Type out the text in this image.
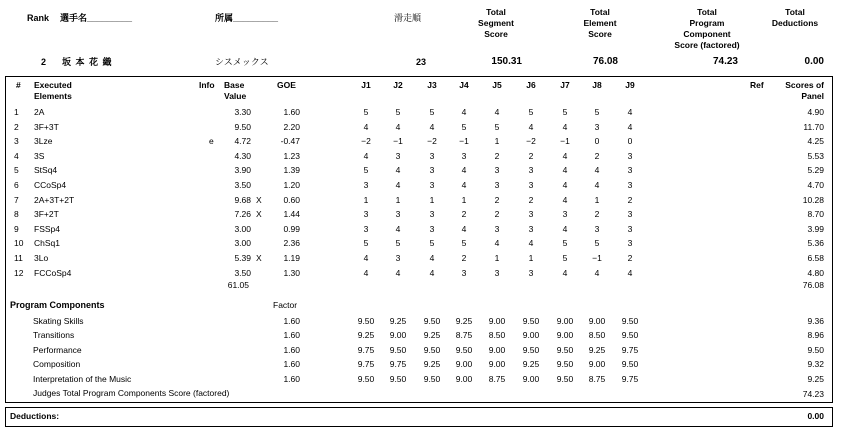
Rank 選手名_________	所属_________	滑走順
Total
Segment
Score
Total
Element
Score
Total
Program
Component
Score (factored)
Total
Deductions
2 坂 本 花 織	シスメックス	23	150.31	76.08	74.23	0.00
# Executed
Elements
Info Base
Value
GOE	J1	J2	J3	J4	J5	J6	J7	J8	J9	Ref	Scores of
Panel
1 2A	3.30	1.60	5	5	5	4	4	5	5	5	4	4.90
2 3F+3T	9.50	2.20	4	4	4	5	5	4	4	3	4	11.70
3 3Lze	e	4.72	-0.47	−2	−1	−2	−1	1	−2	−1	0	0	4.25
4 3S	4.30	1.23	4	3	3	3	2	2	4	2	3	5.53
5 StSq4	3.90	1.39	5	4	3	4	3	3	4	4	3	5.29
6 CCoSp4	3.50	1.20	3	4	3	4	3	3	4	4	3	4.70
7 2A+3T+2T	9.68 X	0.60	1	1	1	1	2	2	4	1	2	10.28
8 3F+2T	7.26 X	1.44	3	3	3	2	2	3	3	2	3	8.70
9 FSSp4	3.00	0.99	3	4	3	4	3	3	4	3	3	3.99
10 ChSq1	3.00	2.36	5	5	5	5	4	4	5	5	3	5.36
11 3Lo	5.39 X	1.19	4	3	4	2	1	1	5	−1	2	6.58
12 FCCoSp4	3.50	1.30	4	4	4	3	3	3	4	4	4	4.80
61.05	76.08
Program Components	Factor
Skating Skills	1.60	9.50	9.25	9.50	9.25	9.00	9.50	9.00	9.00	9.50	9.36
Transitions	1.60	9.25	9.00	9.25	8.75	8.50	9.00	9.00	8.50	9.50	8.96
Performance	1.60	9.75	9.50	9.50	9.50	9.00	9.50	9.50	9.25	9.75	9.50
Composition	1.60	9.75	9.75	9.25	9.00	9.00	9.25	9.50	9.00	9.50	9.32
Interpretation of the Music	1.60	9.50	9.50	9.50	9.00	8.75	9.00	9.50	8.75	9.75	9.25
Judges Total Program Components Score (factored)	74.23
Deductions:	0.00
